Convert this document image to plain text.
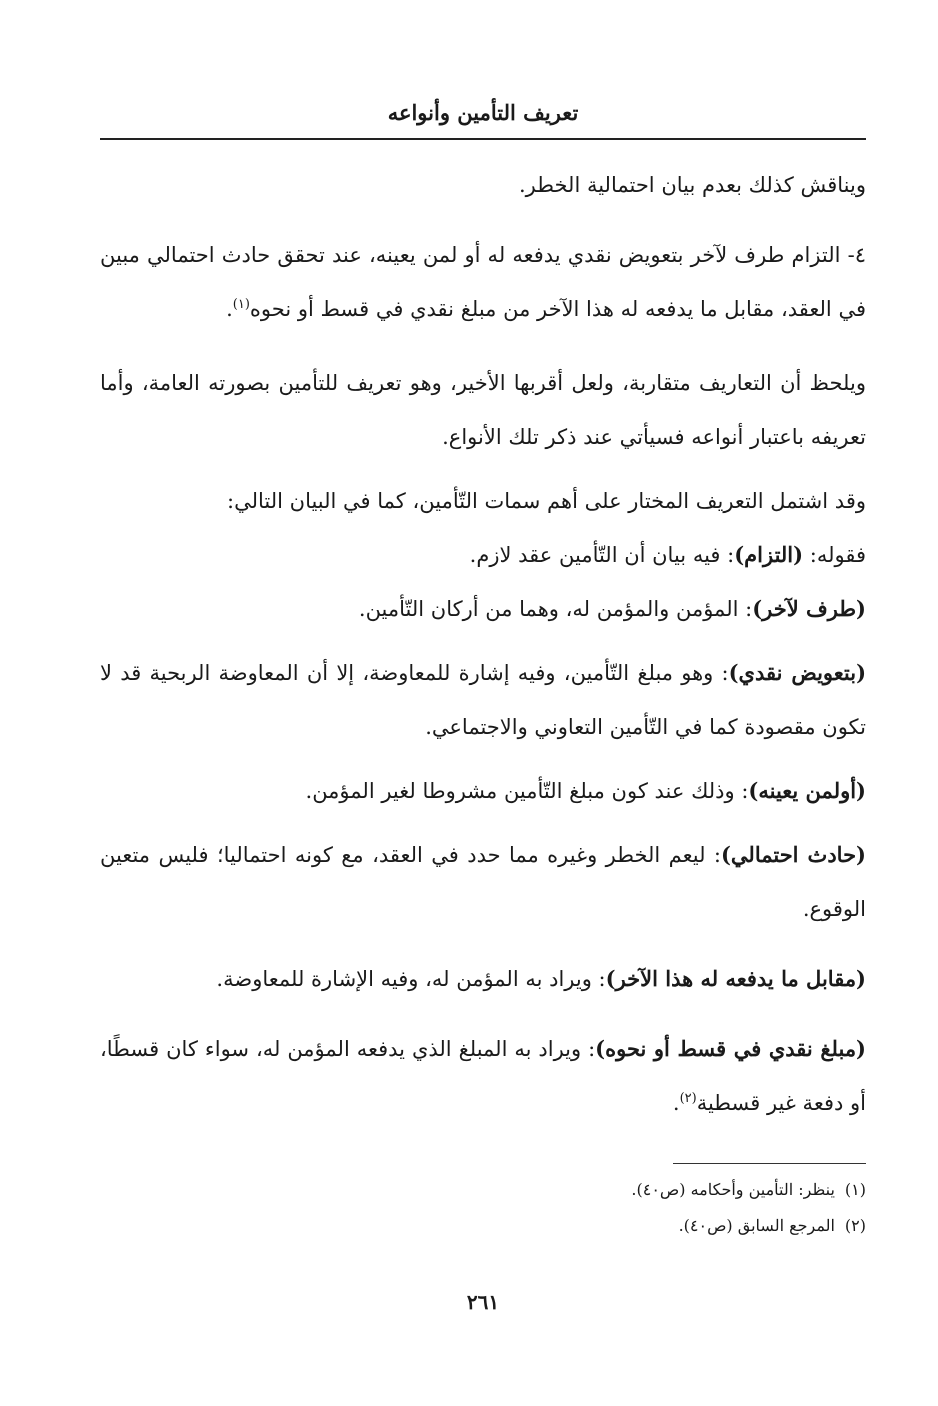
تعريف التأمين وأنواعه

ويناقش كذلك بعدم بيان احتمالية الخطر.

٤- التزام طرف لآخر بتعويض نقدي يدفعه له أو لمن يعينه، عند تحقق حادث احتمالي مبين في العقد، مقابل ما يدفعه له هذا الآخر من مبلغ نقدي في قسط أو نحوه$^{(١)}$.

ويلحظ أن التعاريف متقاربة، ولعل أقربها الأخير، وهو تعريف للتأمين بصورته العامة، وأما تعريفه باعتبار أنواعه فسيأتي عند ذكر تلك الأنواع.

وقد اشتمل التعريف المختار على أهم سمات التّأمين، كما في البيان التالي:

فقوله: (التزام): فيه بيان أن التّأمين عقد لازم.

(طرف لآخر): المؤمن والمؤمن له، وهما من أركان التّأمين.

(بتعويض نقدي): وهو مبلغ التّأمين، وفيه إشارة للمعاوضة، إلا أن المعاوضة الربحية قد لا تكون مقصودة كما في التّأمين التعاوني والاجتماعي.

(أولمن يعينه): وذلك عند كون مبلغ التّأمين مشروطا لغير المؤمن.

(حادث احتمالي): ليعم الخطر وغيره مما حدد في العقد، مع كونه احتماليا؛ فليس متعين الوقوع.

(مقابل ما يدفعه له هذا الآخر): ويراد به المؤمن له، وفيه الإشارة للمعاوضة.

(مبلغ نقدي في قسط أو نحوه): ويراد به المبلغ الذي يدفعه المؤمن له، سواء كان قسطًا، أو دفعة غير قسطية$^{(٢)}$.

(١)ينظر: التأمين وأحكامه (ص٤٠).

(٢)المرجع السابق (ص٤٠).

٢٦١
